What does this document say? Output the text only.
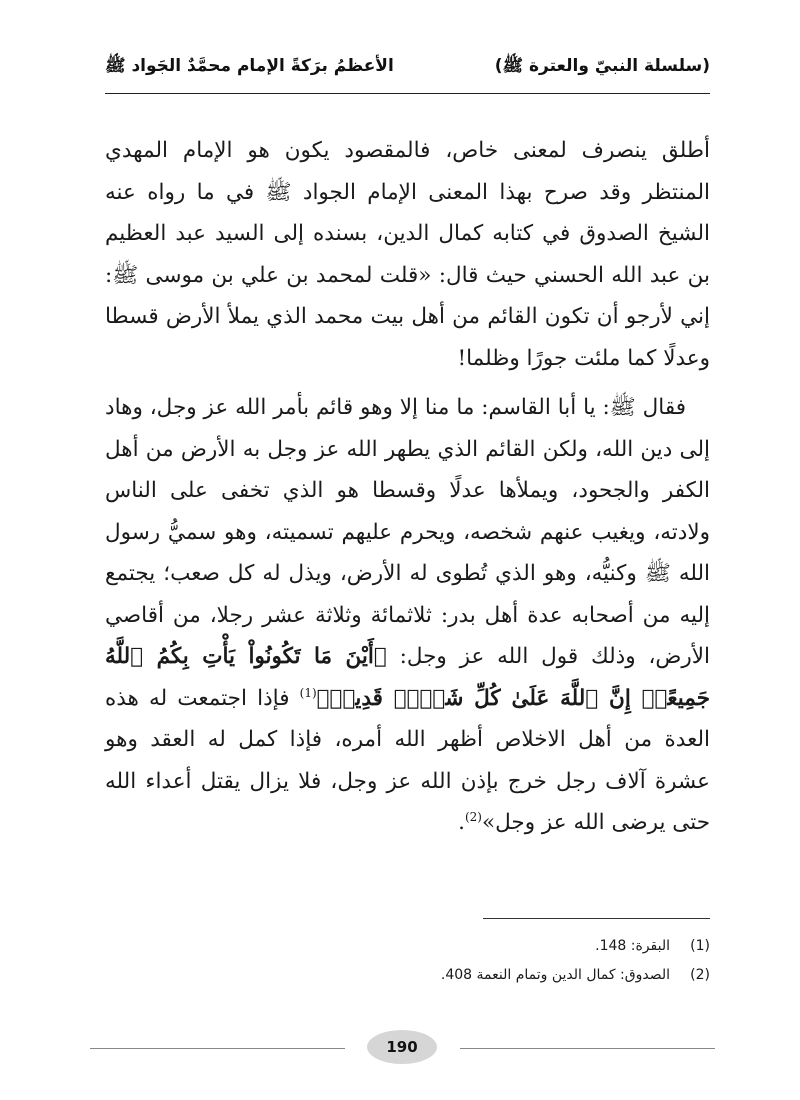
(سلسلة النبيّ والعترة ﷺ)
الأعظمُ برَكةً الإمام محمَّدٌ الجَواد ﷺ

أطلق ينصرف لمعنى خاص، فالمقصود يكون هو الإمام المهدي المنتظر وقد صرح بهذا المعنى الإمام الجواد ﷺ في ما رواه عنه الشيخ الصدوق في كتابه كمال الدين، بسنده إلى السيد عبد العظيم بن عبد الله الحسني حيث قال: «قلت لمحمد بن علي بن موسى ﷺ: إني لأرجو أن تكون القائم من أهل بيت محمد الذي يملأ الأرض قسطا وعدلًا كما ملئت جورًا وظلما!

فقال ﷺ: يا أبا القاسم: ما منا إلا وهو قائم بأمر الله عز وجل، وهاد إلى دين الله، ولكن القائم الذي يطهر الله عز وجل به الأرض من أهل الكفر والجحود، ويملأها عدلًا وقسطا هو الذي تخفى على الناس ولادته، ويغيب عنهم شخصه، ويحرم عليهم تسميته، وهو سميُّ رسول الله ﷺ وكنيُّه، وهو الذي تُطوى له الأرض، ويذل له كل صعب؛ يجتمع إليه من أصحابه عدة أهل بدر: ثلاثمائة وثلاثة عشر رجلا، من أقاصي الأرض، وذلك قول الله عز وجل: ﴿أَيْنَ مَا تَكُونُواْ يَأْتِ بِكُمُ ٱللَّهُ جَمِيعًاۚ إِنَّ ٱللَّهَ عَلَىٰ كُلِّ شَيۡءٖ قَدِيرٞ﴾$^{(1)}$ فإذا اجتمعت له هذه العدة من أهل الاخلاص أظهر الله أمره، فإذا كمل له العقد وهو عشرة آلاف رجل خرج بإذن الله عز وجل، فلا يزال يقتل أعداء الله حتى يرضى الله عز وجل»$^{(2)}$.

(1)
البقرة: 148.
(2)
الصدوق: كمال الدين وتمام النعمة 408.
190
